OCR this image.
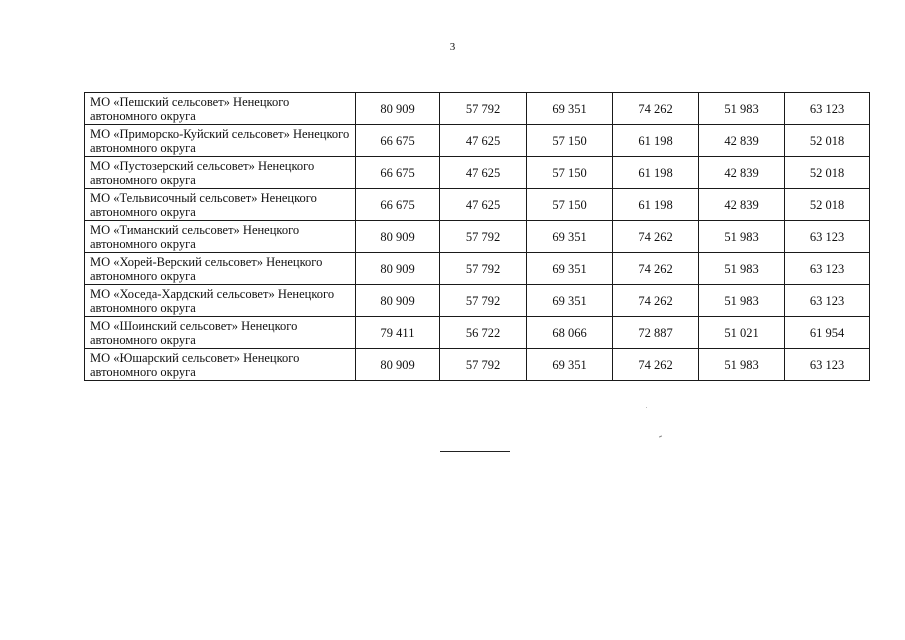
3
МО «Пешский сельсовет» Ненецкого автономного округа	80 909	57 792	69 351	74 262	51 983	63 123
МО «Приморско-Куйский сельсовет» Ненецкого автономного округа	66 675	47 625	57 150	61 198	42 839	52 018
МО «Пустозерский сельсовет» Ненецкого автономного округа	66 675	47 625	57 150	61 198	42 839	52 018
МО «Тельвисочный сельсовет» Ненецкого автономного округа	66 675	47 625	57 150	61 198	42 839	52 018
МО «Тиманский сельсовет» Ненецкого автономного округа	80 909	57 792	69 351	74 262	51 983	63 123
МО «Хорей-Верский сельсовет» Ненецкого автономного округа	80 909	57 792	69 351	74 262	51 983	63 123
МО «Хоседа-Хардский сельсовет» Ненецкого автономного округа	80 909	57 792	69 351	74 262	51 983	63 123
МО «Шоинский сельсовет» Ненецкого автономного округа	79 411	56 722	68 066	72 887	51 021	61 954
МО «Юшарский сельсовет» Ненецкого автономного округа	80 909	57 792	69 351	74 262	51 983	63 123
